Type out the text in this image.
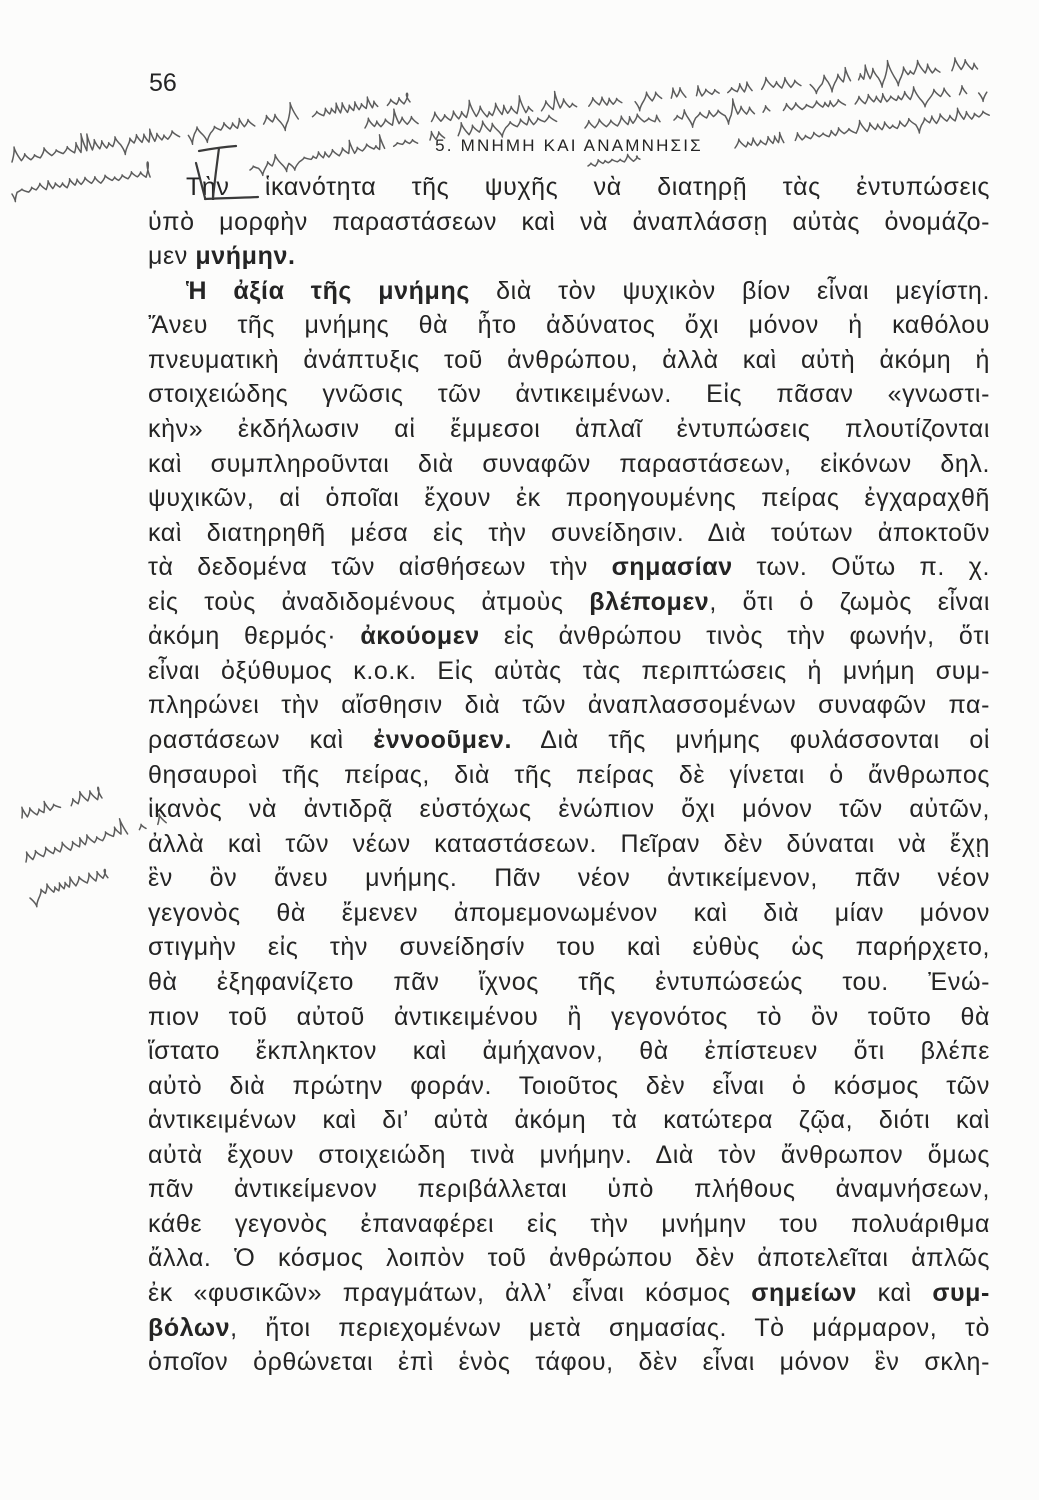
56
5. ΜΝΗΜΗ ΚΑΙ ΑΝΑΜΝΗΣΙΣ
Τὴν ἱκανότητα τῆς ψυχῆς νὰ διατηρῇ τὰς ἐντυπώσεις
ὑπὸ μορφὴν παραστάσεων καὶ νὰ ἀναπλάσσῃ αὐτὰς ὀνομάζο-
μεν μνήμην.
Ἡ ἀξία τῆς μνήμης διὰ τὸν ψυχικὸν βίον εἶναι μεγίστη.
Ἄνευ τῆς μνήμης θὰ ἦτο ἀδύνατος ὄχι μόνον ἡ καθόλου
πνευματικὴ ἀνάπτυξις τοῦ ἀνθρώπου, ἀλλὰ καὶ αὐτὴ ἀκόμη ἡ
στοιχειώδης γνῶσις τῶν ἀντικειμένων. Εἰς πᾶσαν «γνωστι-
κὴν» ἐκδήλωσιν αἱ ἔμμεσοι ἁπλαῖ ἐντυπώσεις πλουτίζονται
καὶ συμπληροῦνται διὰ συναφῶν παραστάσεων, εἰκόνων δηλ.
ψυχικῶν, αἱ ὁποῖαι ἔχουν ἐκ προηγουμένης πείρας ἐγχαραχθῆ
καὶ διατηρηθῆ μέσα εἰς τὴν συνείδησιν. Διὰ τούτων ἀποκτοῦν
τὰ δεδομένα τῶν αἰσθήσεων τὴν σημασίαν των. Οὕτω π. χ.
εἰς τοὺς ἀναδιδομένους ἀτμοὺς βλέπομεν, ὅτι ὁ ζωμὸς εἶναι
ἀκόμη θερμός· ἀκούομεν εἰς ἀνθρώπου τινὸς τὴν φωνήν, ὅτι
εἶναι ὀξύθυμος κ.ο.κ. Εἰς αὐτὰς τὰς περιπτώσεις ἡ μνήμη συμ-
πληρώνει τὴν αἴσθησιν διὰ τῶν ἀναπλασσομένων συναφῶν πα-
ραστάσεων καὶ ἐννοοῦμεν. Διὰ τῆς μνήμης φυλάσσονται οἱ
θησαυροὶ τῆς πείρας, διὰ τῆς πείρας δὲ γίνεται ὁ ἄνθρωπος
ἱκανὸς νὰ ἀντιδρᾷ εὐστόχως ἐνώπιον ὄχι μόνον τῶν αὐτῶν,
ἀλλὰ καὶ τῶν νέων καταστάσεων. Πεῖραν δὲν δύναται νὰ ἔχῃ
ἓν ὂν ἄνευ μνήμης. Πᾶν νέον ἀντικείμενον, πᾶν νέον
γεγονὸς θὰ ἔμενεν ἀπομεμονωμένον καὶ διὰ μίαν μόνον
στιγμὴν εἰς τὴν συνείδησίν του καὶ εὐθὺς ὡς παρήρχετο,
θὰ ἐξηφανίζετο πᾶν ἴχνος τῆς ἐντυπώσεώς του. Ἐνώ-
πιον τοῦ αὐτοῦ ἀντικειμένου ἢ γεγονότος τὸ ὂν τοῦτο θὰ
ἵστατο ἔκπληκτον καὶ ἀμήχανον, θὰ ἐπίστευεν ὅτι βλέπε
αὐτὸ διὰ πρώτην φοράν. Τοιοῦτος δὲν εἶναι ὁ κόσμος τῶν
ἀντικειμένων καὶ δι’ αὐτὰ ἀκόμη τὰ κατώτερα ζῷα, διότι καὶ
αὐτὰ ἔχουν στοιχειώδη τινὰ μνήμην. Διὰ τὸν ἄνθρωπον ὅμως
πᾶν ἀντικείμενον περιβάλλεται ὑπὸ πλήθους ἀναμνήσεων,
κάθε γεγονὸς ἐπαναφέρει εἰς τὴν μνήμην του πολυάριθμα
ἄλλα. Ὁ κόσμος λοιπὸν τοῦ ἀνθρώπου δὲν ἀποτελεῖται ἁπλῶς
ἐκ «φυσικῶν» πραγμάτων, ἀλλ’ εἶναι κόσμος σημείων καὶ συμ-
βόλων, ἤτοι περιεχομένων μετὰ σημασίας. Τὸ μάρμαρον, τὸ
ὁποῖον ὀρθώνεται ἐπὶ ἑνὸς τάφου, δὲν εἶναι μόνον ἓν σκλη-
